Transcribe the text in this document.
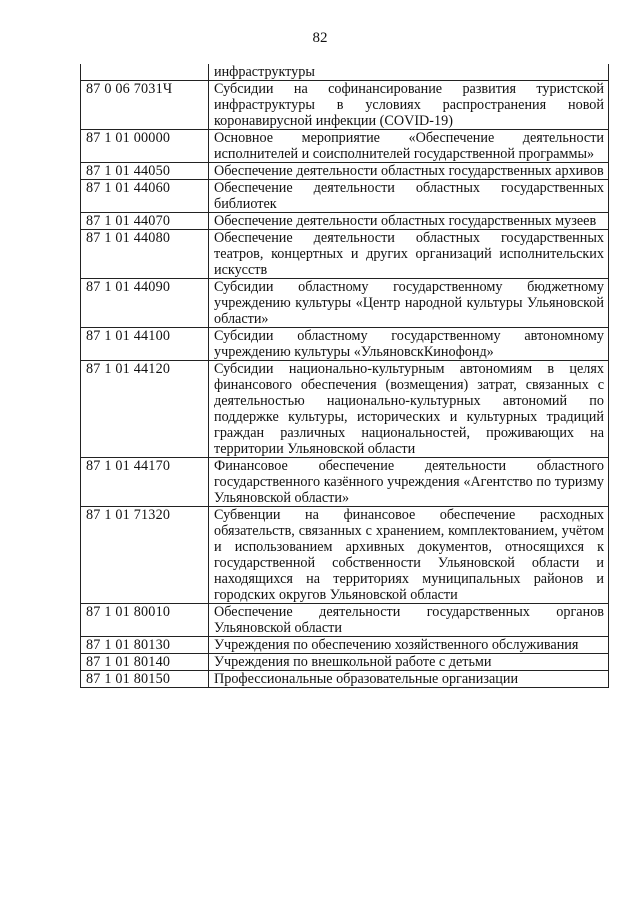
82
	инфраструктуры
87 0 06 7031Ч	Субсидии на софинансирование развития туристской инфраструктуры в условиях распространения новой коронавирусной инфекции (COVID-19)
87 1 01 00000	Основное мероприятие «Обеспечение деятельности исполнителей и соисполнителей государственной программы»
87 1 01 44050	Обеспечение деятельности областных государственных архивов
87 1 01 44060	Обеспечение деятельности областных государственных библиотек
87 1 01 44070	Обеспечение деятельности областных государственных музеев
87 1 01 44080	Обеспечение деятельности областных государственных театров, концертных и других организаций исполнительских искусств
87 1 01 44090	Субсидии областному государственному бюджетному учреждению культуры «Центр народной культуры Ульяновской области»
87 1 01 44100	Субсидии областному государственному автономному учреждению культуры «УльяновскКинофонд»
87 1 01 44120	Субсидии национально-культурным автономиям в целях финансового обеспечения (возмещения) затрат, связанных с деятельностью национально-культурных автономий по поддержке культуры, исторических и культурных традиций граждан различных национальностей, проживающих на территории Ульяновской области
87 1 01 44170	Финансовое обеспечение деятельности областного государственного казённого учреждения «Агентство по туризму Ульяновской области»
87 1 01 71320	Субвенции на финансовое обеспечение расходных обязательств, связанных с хранением, комплектованием, учётом и использованием архивных документов, относящихся к государственной собственности Ульяновской области и находящихся на территориях муниципальных районов и городских округов Ульяновской области
87 1 01 80010	Обеспечение деятельности государственных органов Ульяновской области
87 1 01 80130	Учреждения по обеспечению хозяйственного обслуживания
87 1 01 80140	Учреждения по внешкольной работе с детьми
87 1 01 80150	Профессиональные образовательные организации
